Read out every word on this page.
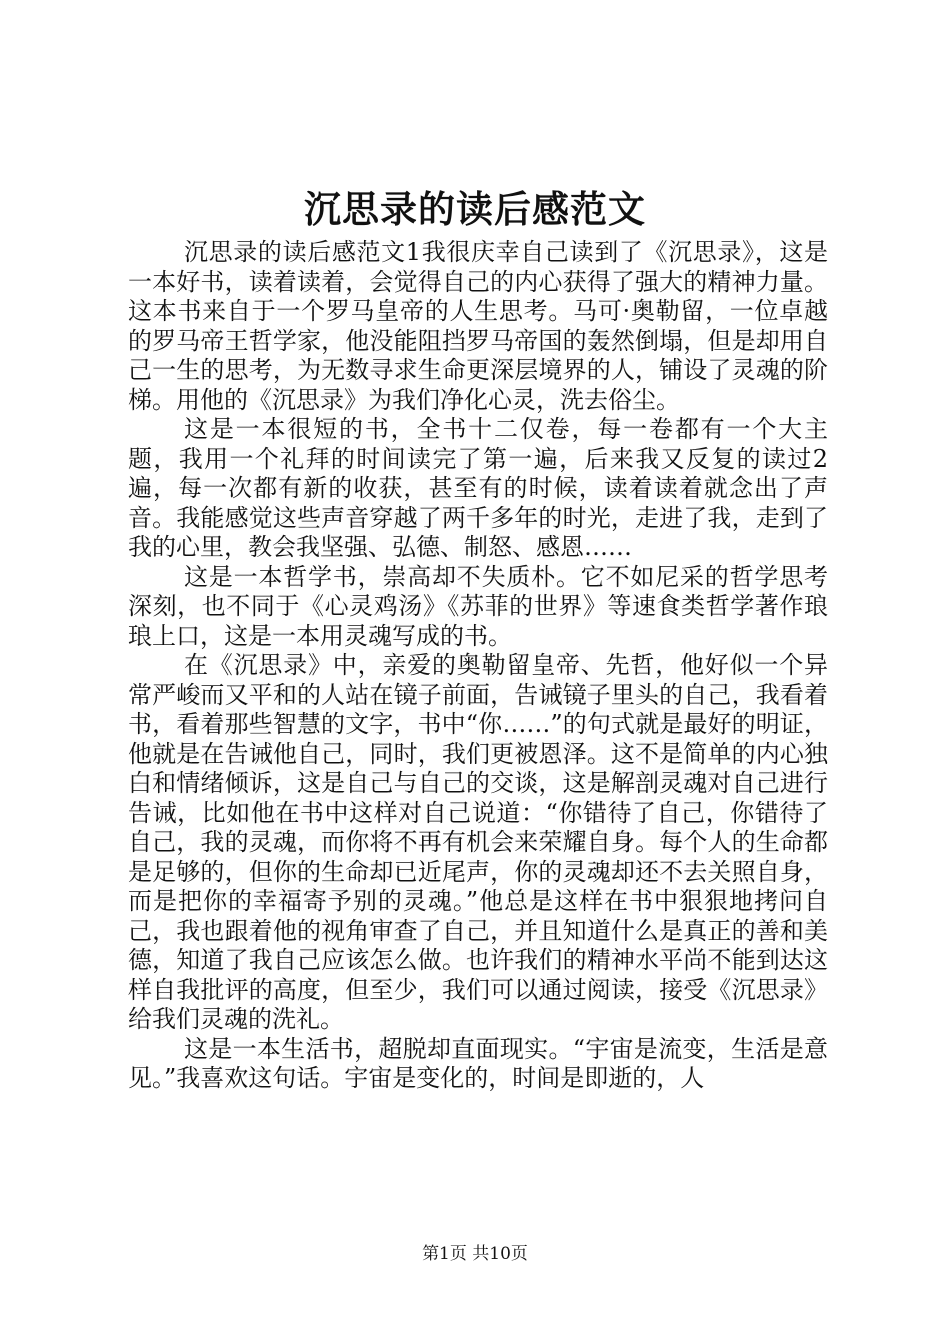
沉思录的读后感范文

沉思录的读后感范文1我很庆幸自己读到了《沉思录》，这是一本好书，读着读着，会觉得自己的内心获得了强大的精神力量。这本书来自于一个罗马皇帝的人生思考。马可·奥勒留，一位卓越的罗马帝王哲学家，他没能阻挡罗马帝国的轰然倒塌，但是却用自己一生的思考，为无数寻求生命更深层境界的人，铺设了灵魂的阶梯。用他的《沉思录》为我们净化心灵，洗去俗尘。

这是一本很短的书，全书十二仅卷，每一卷都有一个大主题，我用一个礼拜的时间读完了第一遍，后来我又反复的读过2遍，每一次都有新的收获，甚至有的时候，读着读着就念出了声音。我能感觉这些声音穿越了两千多年的时光，走进了我，走到了我的心里，教会我坚强、弘德、制怒、感恩……

这是一本哲学书，崇高却不失质朴。它不如尼采的哲学思考深刻，也不同于《心灵鸡汤》《苏菲的世界》等速食类哲学著作琅琅上口，这是一本用灵魂写成的书。

在《沉思录》中，亲爱的奥勒留皇帝、先哲，他好似一个异常严峻而又平和的人站在镜子前面，告诫镜子里头的自己，我看着书，看着那些智慧的文字，书中“你……”的句式就是最好的明证，他就是在告诫他自己，同时，我们更被恩泽。这不是简单的内心独白和情绪倾诉，这是自己与自己的交谈，这是解剖灵魂对自己进行告诫，比如他在书中这样对自己说道：“你错待了自己，你错待了自己，我的灵魂，而你将不再有机会来荣耀自身。每个人的生命都是足够的，但你的生命却已近尾声，你的灵魂却还不去关照自身，而是把你的幸福寄予别的灵魂。”他总是这样在书中狠狠地拷问自己，我也跟着他的视角审查了自己，并且知道什么是真正的善和美德，知道了我自己应该怎么做。也许我们的精神水平尚不能到达这样自我批评的高度，但至少，我们可以通过阅读，接受《沉思录》给我们灵魂的洗礼。

这是一本生活书，超脱却直面现实。“宇宙是流变，生活是意见。”我喜欢这句话。宇宙是变化的，时间是即逝的，人

第1页 共10页
